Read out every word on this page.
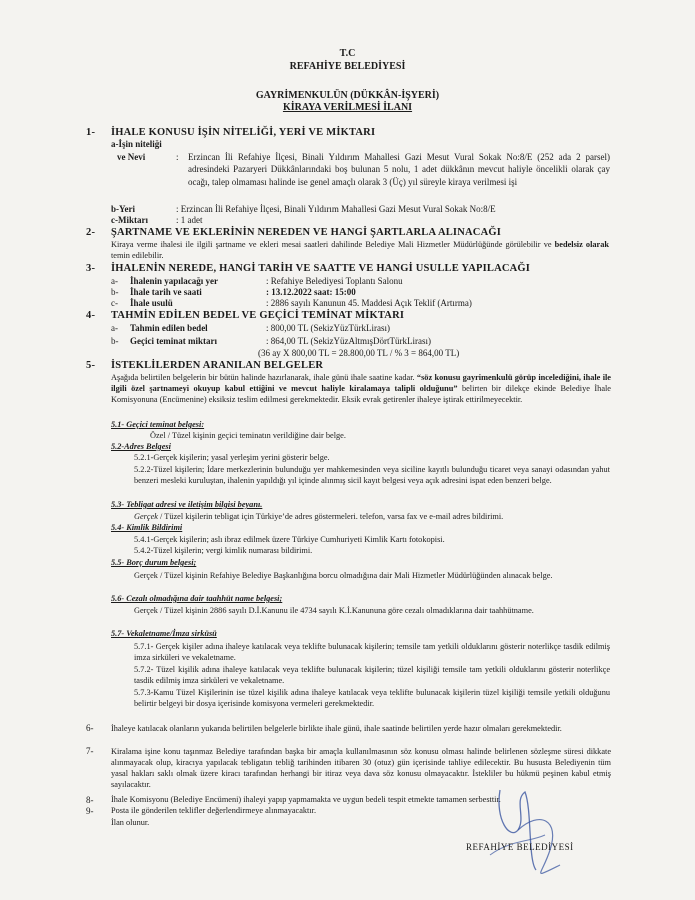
T.C
REFAHİYE BELEDİYESİ
GAYRİMENKULÜN (DÜKKÂN-İŞYERİ)
KİRAYA VERİLMESİ İLANI
1- İHALE KONUSU İŞİN NİTELİĞİ, YERİ VE MİKTARI
a-İşin niteliği
ve Nevi	: Erzincan İli Refahiye İlçesi, Binali Yıldırım Mahallesi Gazi Mesut Vural Sokak No:8/E (252 ada 2 parsel) adresindeki Pazaryeri Dükkânlarındaki boş bulunan 5 nolu, 1 adet dükkânın mevcut haliyle öncelikli olarak çay ocağı, talep olmaması halinde ise genel amaçlı olarak 3 (Üç) yıl süreyle kiraya verilmesi işi
b-Yeri	: Erzincan İli Refahiye İlçesi, Binali Yıldırım Mahallesi Gazi Mesut Vural Sokak No:8/E
c-Miktarı	: 1 adet
2- ŞARTNAME VE EKLERİNİN NEREDEN VE HANGİ ŞARTLARLA ALINACAĞI
Kiraya verme ihalesi ile ilgili şartname ve ekleri mesai saatleri dahilinde Belediye Mali Hizmetler Müdürlüğünde görülebilir ve bedelsiz olarak temin edilebilir.
3- İHALENİN NEREDE, HANGİ TARİH VE SAATTE VE HANGİ USULLE YAPILACAĞI
a- İhalenin yapılacağı yer	: Refahiye Belediyesi Toplantı Salonu
b- İhale tarih ve saati	: 13.12.2022 saat: 15:00
c- İhale usulü	: 2886 sayılı Kanunun 45. Maddesi Açık Teklif (Artırma)
4- TAHMİN EDİLEN BEDEL VE GEÇİCİ TEMİNAT MİKTARI
a- Tahmin edilen bedel	: 800,00 TL (SekizYüzTürkLirası)
b- Geçici teminat miktarı	: 864,00 TL (SekizYüzAltmışDörtTürkLirası)
(36 ay X 800,00 TL = 28.800,00 TL / % 3 = 864,00 TL)
5- İSTEKLİLERDEN ARANILAN BELGELER
Aşağıda belirtilen belgelerin bir bütün halinde hazırlanarak, ihale günü ihale saatine kadar. “söz konusu gayrimenkulü görüp incelediğini, ihale ile ilgili özel şartnameyi okuyup kabul ettiğini ve mevcut haliyle kiralamaya talipli olduğunu” belirten bir dilekçe ekinde Belediye İhale Komisyonuna (Encümenine) eksiksiz teslim edilmesi gerekmektedir. Eksik evrak getirenler ihaleye iştirak ettirilmeyecektir.
5.1- Geçici teminat belgesi:
Özel / Tüzel kişinin geçici teminatın verildiğine dair belge.
5.2-Adres Belgesi
5.2.1-Gerçek kişilerin; yasal yerleşim yerini gösterir belge.
5.2.2-Tüzel kişilerin; İdare merkezlerinin bulunduğu yer mahkemesinden veya siciline kayıtlı bulunduğu ticaret veya sanayi odasından yahut benzeri mesleki kuruluştan, ihalenin yapıldığı yıl içinde alınmış sicil kayıt belgesi veya açık adresini ispat eden benzeri belge.
5.3- Tebligat adresi ve iletişim bilgisi beyanı.
Gerçek / Tüzel kişilerin tebligat için Türkiye’de adres göstermeleri. telefon, varsa fax ve e-mail adres bildirimi.
5.4- Kimlik Bildirimi
5.4.1-Gerçek kişilerin; aslı ibraz edilmek üzere Türkiye Cumhuriyeti Kimlik Kartı fotokopisi.
5.4.2-Tüzel kişilerin; vergi kimlik numarası bildirimi.
5.5- Borç durum belgesi;
Gerçek / Tüzel kişinin Refahiye Belediye Başkanlığına borcu olmadığına dair Mali Hizmetler Müdürlüğünden alınacak belge.
5.6- Cezalı olmadığına dair taahhüt name belgesi;
Gerçek / Tüzel kişinin 2886 sayılı D.İ.Kanunu ile 4734 sayılı K.İ.Kanununa göre cezalı olmadıklarına dair taahhütname.
5.7- Vekaletname/İmza sirküsü
5.7.1- Gerçek kişiler adına ihaleye katılacak veya teklifte bulunacak kişilerin; temsile tam yetkili olduklarını gösterir noterlikçe tasdik edilmiş imza sirküleri ve vekaletname.
5.7.2- Tüzel kişilik adına ihaleye katılacak veya teklifte bulunacak kişilerin; tüzel kişiliği temsile tam yetkili olduklarını gösterir noterlikçe tasdik edilmiş imza sirküleri ve vekaletname.
5.7.3-Kamu Tüzel Kişilerinin ise tüzel kişilik adına ihaleye katılacak veya teklifte bulunacak kişilerin tüzel kişiliği temsile yetkili olduğunu belirtir belgeyi bir dosya içerisinde komisyona vermeleri gerekmektedir.
6- İhaleye katılacak olanların yukarıda belirtilen belgelerle birlikte ihale günü, ihale saatinde belirtilen yerde hazır olmaları gerekmektedir.
7- Kiralama işine konu taşınmaz Belediye tarafından başka bir amaçla kullanılmasının söz konusu olması halinde belirlenen sözleşme süresi dikkate alınmayacak olup, kiracıya yapılacak tebligatın tebliğ tarihinden itibaren 30 (otuz) gün içerisinde tahliye edilecektir. Bu hususta Belediyenin tüm yasal hakları saklı olmak üzere kiracı tarafından herhangi bir itiraz veya dava söz konusu olmayacaktır. İstekliler bu hükmü peşinen kabul etmiş sayılacaktır.
8- İhale Komisyonu (Belediye Encümeni) ihaleyi yapıp yapmamakta ve uygun bedeli tespit etmekte tamamen serbesttir.
9- Posta ile gönderilen teklifler değerlendirmeye alınmayacaktır.
İlan olunur.
REFAHİYE BELEDİYESİ
